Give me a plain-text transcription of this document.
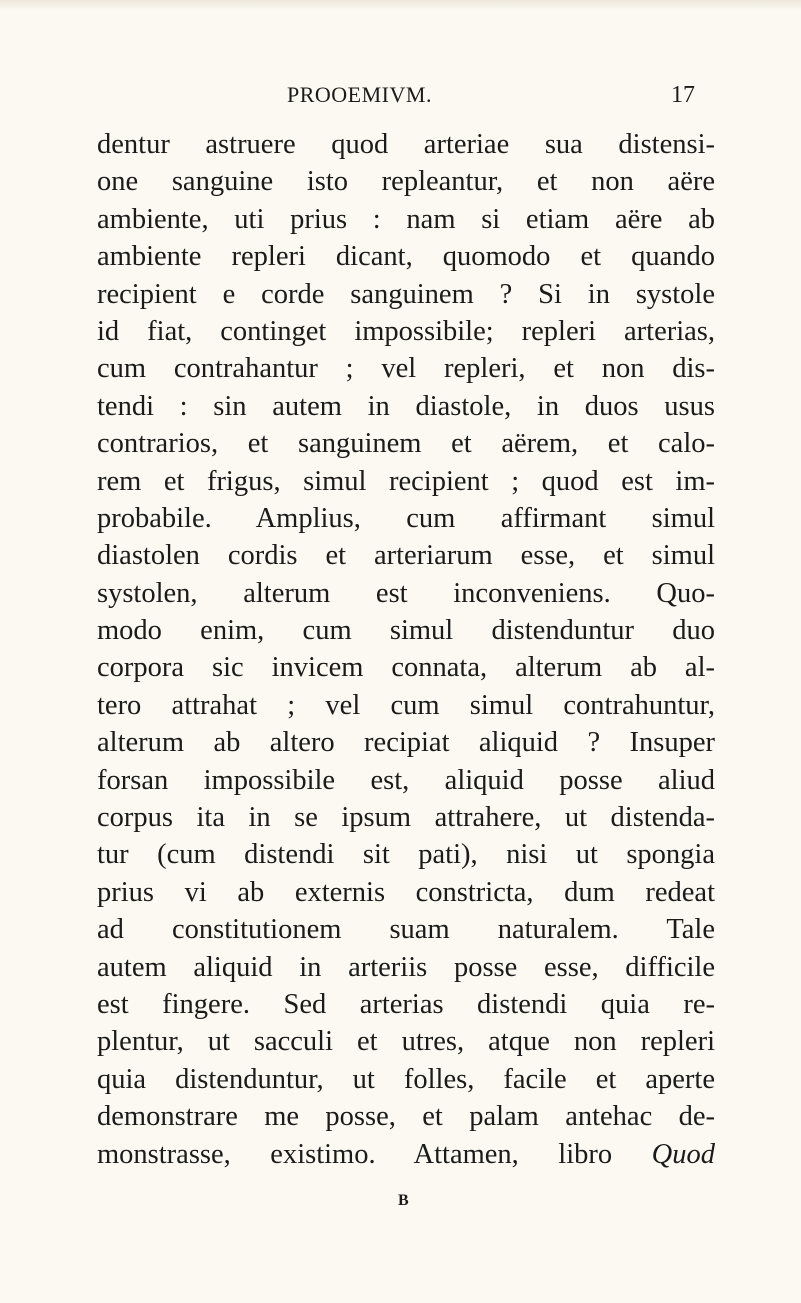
PROOEMIVM.	17
dentur astruere quod arteriae sua distensi-
one sanguine isto repleantur, et non aëre
ambiente, uti prius : nam si etiam aëre ab
ambiente repleri dicant, quomodo et quando
recipient e corde sanguinem ? Si in systole
id fiat, continget impossibile; repleri arterias,
cum contrahantur ; vel repleri, et non dis-
tendi : sin autem in diastole, in duos usus
contrarios, et sanguinem et aërem, et calo-
rem et frigus, simul recipient ; quod est im-
probabile. Amplius, cum affirmant simul
diastolen cordis et arteriarum esse, et simul
systolen, alterum est inconveniens. Quo-
modo enim, cum simul distenduntur duo
corpora sic invicem connata, alterum ab al-
tero attrahat ; vel cum simul contrahuntur,
alterum ab altero recipiat aliquid ? Insuper
forsan impossibile est, aliquid posse aliud
corpus ita in se ipsum attrahere, ut distenda-
tur (cum distendi sit pati), nisi ut spongia
prius vi ab externis constricta, dum redeat
ad constitutionem suam naturalem. Tale
autem aliquid in arteriis posse esse, difficile
est fingere. Sed arterias distendi quia re-
plentur, ut sacculi et utres, atque non repleri
quia distenduntur, ut folles, facile et aperte
demonstrare me posse, et palam antehac de-
monstrasse, existimo. Attamen, libro Quod
B
